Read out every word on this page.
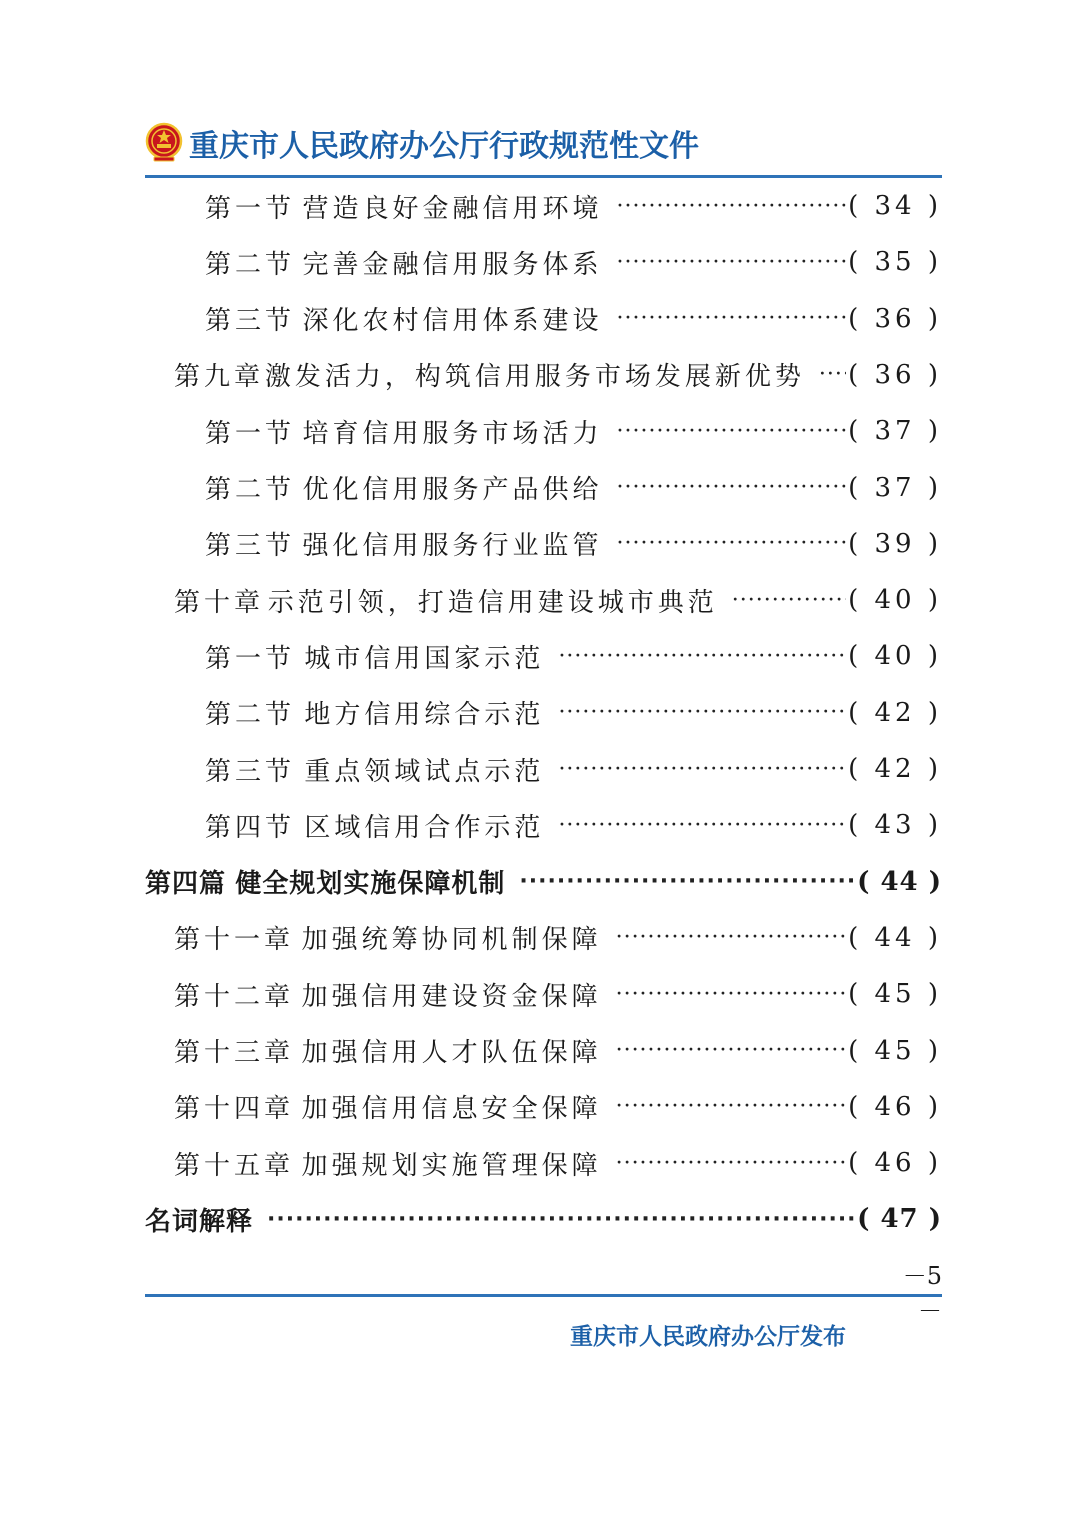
重庆市人民政府办公厅行政规范性文件
第一节 营造良好金融信用环境 ·····	( 34 )
第二节 完善金融信用服务体系 ·····	( 35 )
第三节 深化农村信用体系建设 ·····	( 36 )
第九章 激发活力，构筑信用服务市场发展新优势 ····· ( 36 )
第一节 培育信用服务市场活力 ·····	( 37 )
第二节 优化信用服务产品供给 ·····	( 37 )
第三节 强化信用服务行业监管 ·····	( 39 )
第十章 示范引领，打造信用建设城市典范 ·····	( 40 )
第一节 城市信用国家示范 ·····	( 40 )
第二节 地方信用综合示范 ·····	( 42 )
第三节 重点领域试点示范 ·····	( 42 )
第四节 区域信用合作示范 ·····	( 43 )
第四篇 健全规划实施保障机制 ·····	( 44 )
第十一章 加强统筹协同机制保障 ·····	( 44 )
第十二章 加强信用建设资金保障 ·····	( 45 )
第十三章 加强信用人才队伍保障 ·····	( 45 )
第十四章 加强信用信息安全保障 ·····	( 46 )
第十五章 加强规划实施管理保障 ·····	( 46 )
名词解释 ·····	( 47 )
－5－
重庆市人民政府办公厅发布
